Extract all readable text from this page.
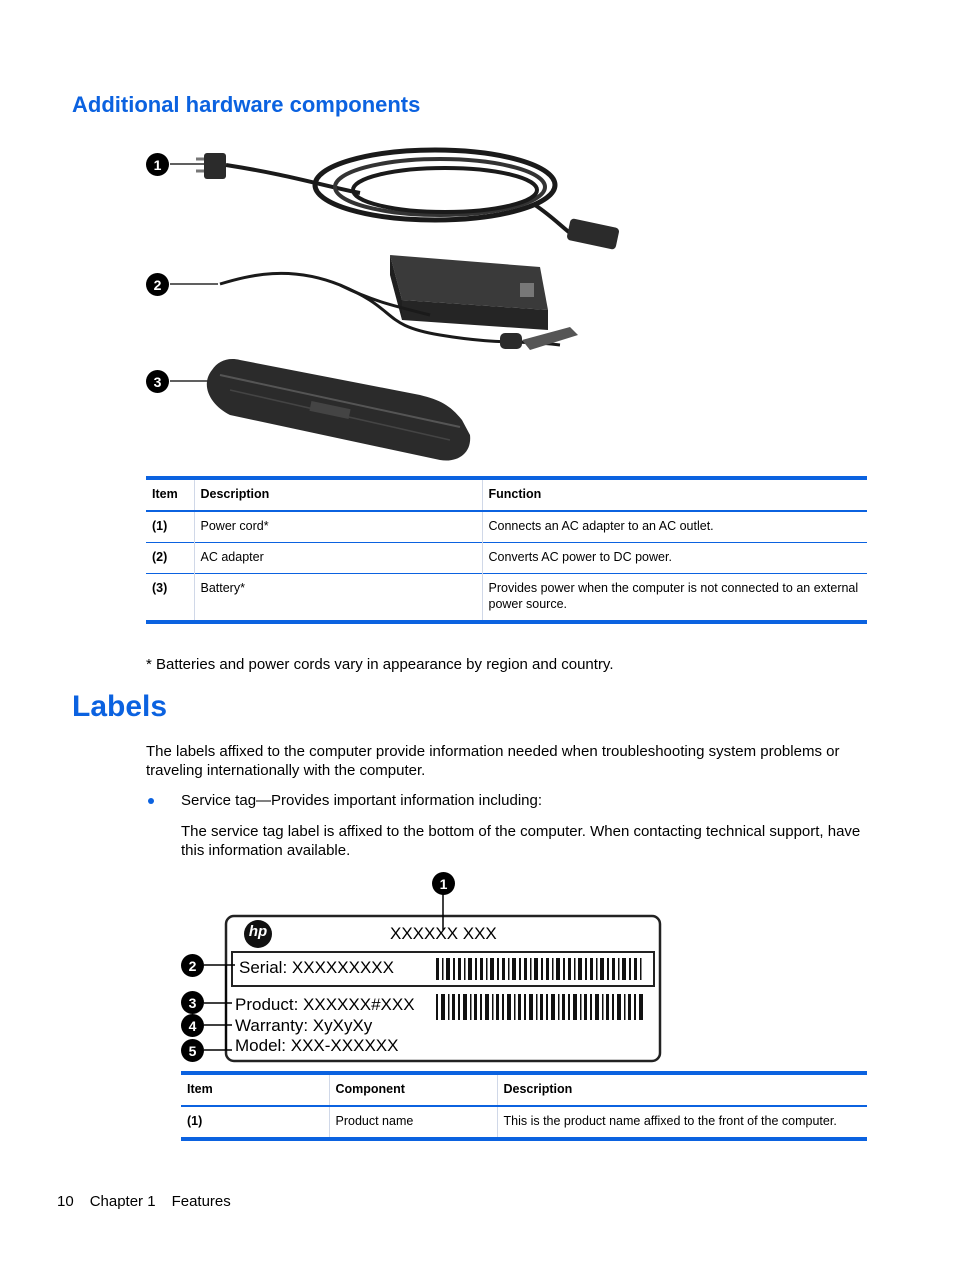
Additional hardware components
1
2
3
Item	Description	Function
(1)	Power cord*	Connects an AC adapter to an AC outlet.
(2)	AC adapter	Converts AC power to DC power.
(3)	Battery*	Provides power when the computer is not connected to an external power source.
* Batteries and power cords vary in appearance by region and country.
Labels
The labels affixed to the computer provide information needed when troubleshooting system problems or traveling internationally with the computer.
Service tag—Provides important information including:
The service tag label is affixed to the bottom of the computer. When contacting technical support, have this information available.
hp	XXXXXX XXX
Serial: XXXXXXXXX
Product: XXXXXX#XXX
Warranty: XyXyXy
Model: XXX-XXXXXX
1
2
3
4
5
Item	Component	Description
(1)	Product name	This is the product name affixed to the front of the computer.
10 Chapter 1 Features
